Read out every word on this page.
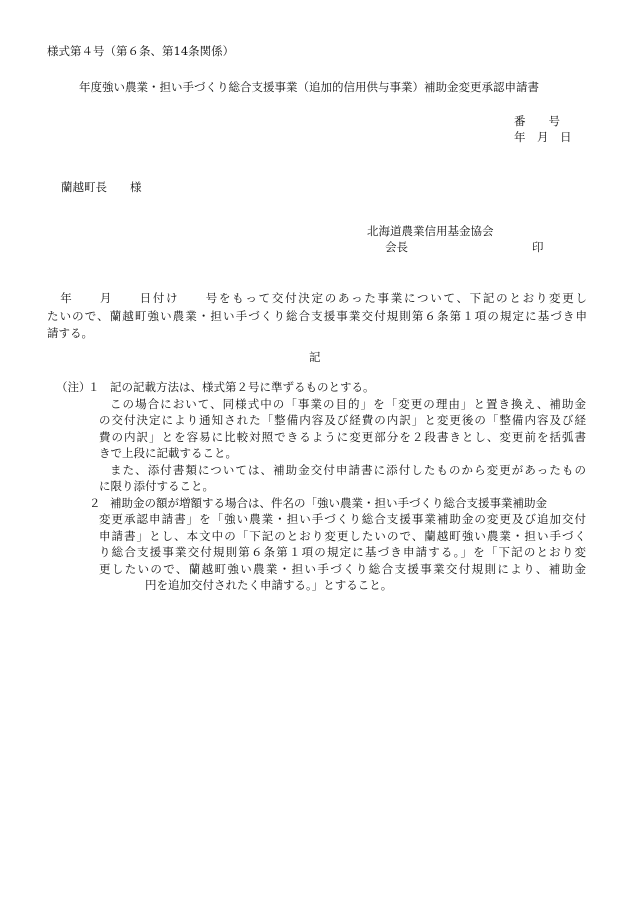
様式第４号（第６条、第14条関係）
年度強い農業・担い手づくり総合支援事業（追加的信用供与事業）補助金変更承認申請書
番　　号
年　月　日
蘭越町長　　様
北海道農業信用基金協会
会長	印
　年　　月　　日付け　　号をもって交付決定のあった事業について、下記のとおり変更し
たいので、蘭越町強い農業・担い手づくり総合支援事業交付規則第６条第１項の規定に基づき申
請する。
記
（注）
１ 記の記載方法は、様式第２号に準ずるものとする。
この場合において、同様式中の「事業の目的」を「変更の理由」と置き換え、補助金
の交付決定により通知された「整備内容及び経費の内訳」と変更後の「整備内容及び経
費の内訳」とを容易に比較対照できるように変更部分を２段書きとし、変更前を括弧書
きで上段に記載すること。
また、添付書類については、補助金交付申請書に添付したものから変更があったもの
に限り添付すること。
２ 補助金の額が増額する場合は、件名の「強い農業・担い手づくり総合支援事業補助金
変更承認申請書」を「強い農業・担い手づくり総合支援事業補助金の変更及び追加交付
申請書」とし、本文中の「下記のとおり変更したいので、蘭越町強い農業・担い手づく
り総合支援事業交付規則第６条第１項の規定に基づき申請する。」を「下記のとおり変
更したいので、蘭越町強い農業・担い手づくり総合支援事業交付規則により、補助金
　　　　円を追加交付されたく申請する。」とすること。
